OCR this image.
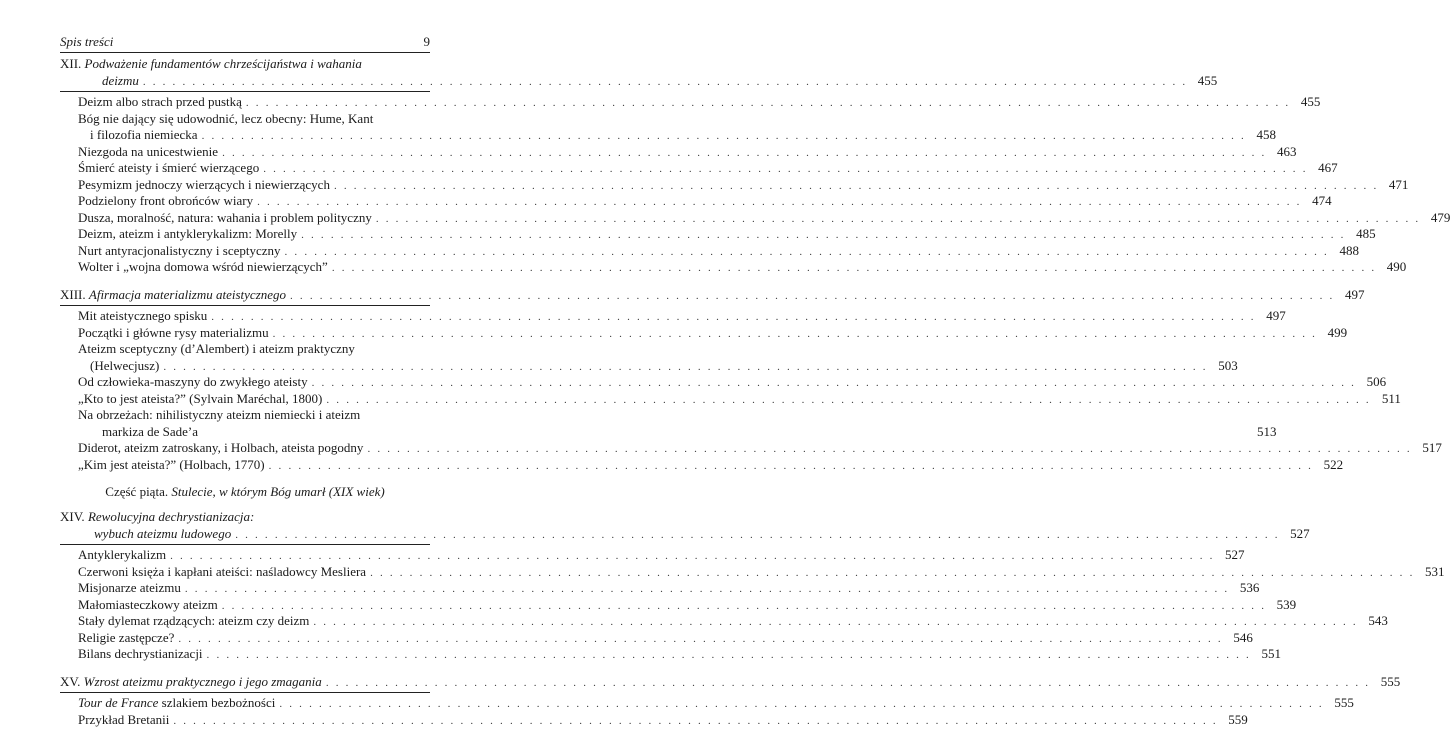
Spis treści	9
XII. Podważenie fundamentów chrześcijaństwa i wahania
deizmu . . .	455
Deizm albo strach przed pustką . . .	455
Bóg nie dający się udowodnić, lecz obecny: Hume, Kant
i filozofia niemiecka . . .	458
Niezgoda na unicestwienie . . .	463
Śmierć ateisty i śmierć wierzącego . . .	467
Pesymizm jednoczy wierzących i niewierzących . . .	471
Podzielony front obrońców wiary . . .	474
Dusza, moralność, natura: wahania i problem polityczny . . .	479
Deizm, ateizm i antyklerykalizm: Morelly . . .	485
Nurt antyracjonalistyczny i sceptyczny . . .	488
Wolter i „wojna domowa wśród niewierzących” . . .	490
XIII. Afirmacja materializmu ateistycznego . . .	497
Mit ateistycznego spisku . . .	497
Początki i główne rysy materializmu . . .	499
Ateizm sceptyczny (d’Alembert) i ateizm praktyczny
(Helwecjusz) . . .	503
Od człowieka-maszyny do zwykłego ateisty . . .	506
„Kto to jest ateista?” (Sylvain Maréchal, 1800) . . .	511
Na obrzeżach: nihilistyczny ateizm niemiecki i ateizm
markiza de Sade’a	513
Diderot, ateizm zatroskany, i Holbach, ateista pogodny . . .	517
„Kim jest ateista?” (Holbach, 1770) . . .	522
Część piąta. Stulecie, w którym Bóg umarł (XIX wiek)
XIV. Rewolucyjna dechrystianizacja:
wybuch ateizmu ludowego . . .	527
Antyklerykalizm . . .	527
Czerwoni księża i kapłani ateiści: naśladowcy Mesliera . . .	531
Misjonarze ateizmu . . .	536
Małomiasteczkowy ateizm . . .	539
Stały dylemat rządzących: ateizm czy deizm . . .	543
Religie zastępcze? . . .	546
Bilans dechrystianizacji . . .	551
XV. Wzrost ateizmu praktycznego i jego zmagania . . .	555
Tour de France szlakiem bezbożności . . .	555
Przykład Bretanii . . .	559
